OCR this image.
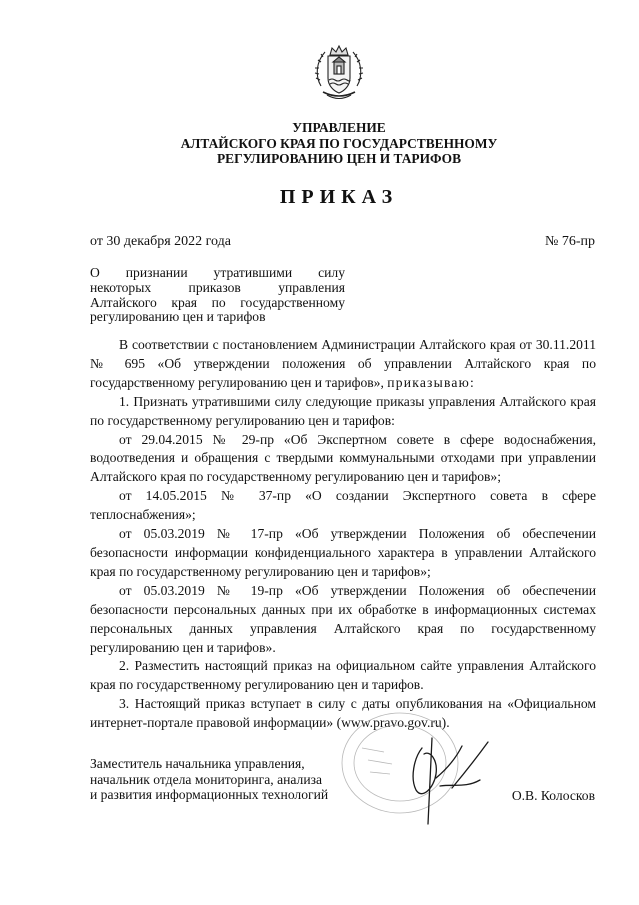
УПРАВЛЕНИЕ
АЛТАЙСКОГО КРАЯ ПО ГОСУДАРСТВЕННОМУ
РЕГУЛИРОВАНИЮ ЦЕН И ТАРИФОВ
ПРИКАЗ
от 30 декабря 2022 года	№ 76-пр
О признании утратившими силу
некоторых приказов управления
Алтайского края по государственному
регулированию цен и тарифов

В соответствии с постановлением Администрации Алтайского края от 30.11.2011 № 695 «Об утверждении положения об управлении Алтайского края по государственному регулированию цен и тарифов», приказываю:

1. Признать утратившими силу следующие приказы управления Алтайского края по государственному регулированию цен и тарифов:

от 29.04.2015 № 29-пр «Об Экспертном совете в сфере водоснабжения, водоотведения и обращения с твердыми коммунальными отходами при управлении Алтайского края по государственному регулированию цен и тарифов»;

от 14.05.2015 № 37-пр «О создании Экспертного совета в сфере теплоснабжения»;

от 05.03.2019 № 17-пр «Об утверждении Положения об обеспечении безопасности информации конфиденциального характера в управлении Алтайского края по государственному регулированию цен и тарифов»;

от 05.03.2019 № 19-пр «Об утверждении Положения об обеспечении безопасности персональных данных при их обработке в информационных системах персональных данных управления Алтайского края по государственному регулированию цен и тарифов».

2. Разместить настоящий приказ на официальном сайте управления Алтайского края по государственному регулированию цен и тарифов.

3. Настоящий приказ вступает в силу с даты опубликования на «Официальном интернет-портале правовой информации» (www.pravo.gov.ru).

Заместитель начальника управления,
начальник отдела мониторинга, анализа
и развития информационных технологий	О.В. Колосков
